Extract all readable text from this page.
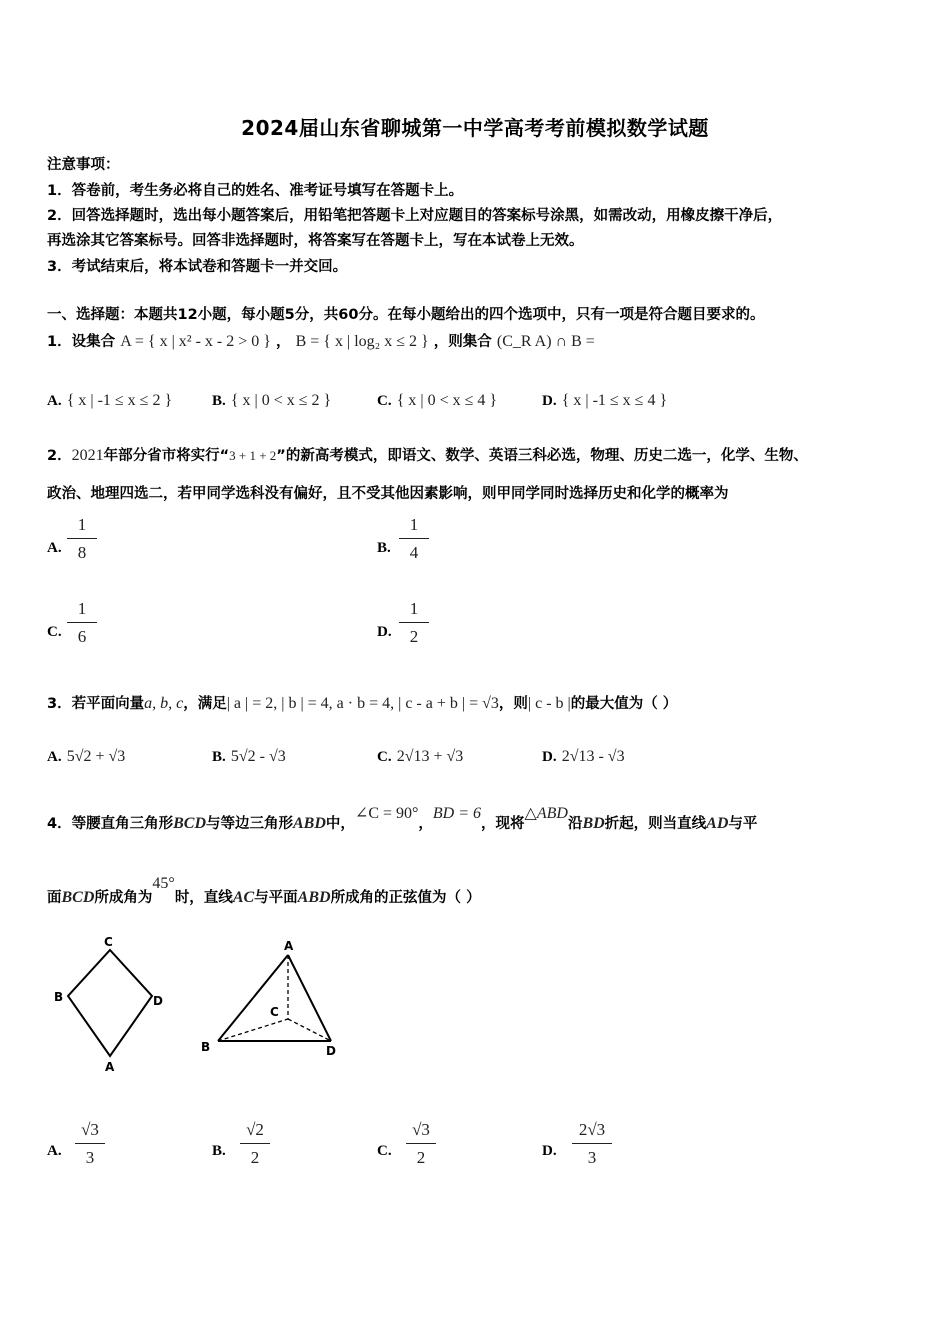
2024届山东省聊城第一中学高考考前模拟数学试题
注意事项：
1．答卷前，考生务必将自己的姓名、准考证号填写在答题卡上。
2．回答选择题时，选出每小题答案后，用铅笔把答题卡上对应题目的答案标号涂黑，如需改动，用橡皮擦干净后，
再选涂其它答案标号。回答非选择题时，将答案写在答题卡上，写在本试卷上无效。
3．考试结束后，将本试卷和答题卡一并交回。
一、选择题：本题共12小题，每小题5分，共60分。在每小题给出的四个选项中，只有一项是符合题目要求的。
1．设集合 A = { x | x² - x - 2 > 0 } ， B = { x | log₂ x ≤ 2 } ，则集合 (C_R A) ∩ B =
A. { x | -1 ≤ x ≤ 2 }	B. { x | 0 < x ≤ 2 }	C. { x | 0 < x ≤ 4 }	D. { x | -1 ≤ x ≤ 4 }
2．2021年部分省市将实行“3 + 1 + 2”的新高考模式，即语文、数学、英语三科必选，物理、历史二选一，化学、生物、
政治、地理四选二，若甲同学选科没有偏好，且不受其他因素影响，则甲同学同时选择历史和化学的概率为
A.
1
8	B.
1
4
C.
1
6	D.
1
2
3．若平面向量a, b, c，满足| a | = 2, | b | = 4, a · b = 4, | c - a + b | = √3，则| c - b |的最大值为（ ）
A. 5√2 + √3	B. 5√2 - √3	C. 2√13 + √3	D. 2√13 - √3
4．等腰直角三角形BCD与等边三角形ABD中，∠C = 90°，BD = 6，现将△ABD沿BD折起，则当直线AD与平
面BCD所成角为45°时，直线AC与平面ABD所成角的正弦值为（ ）
C
B	D
A
A
C
B	D
A.
√3
3	B.
√2
2	C.
√3
2	D.
2√3
3
